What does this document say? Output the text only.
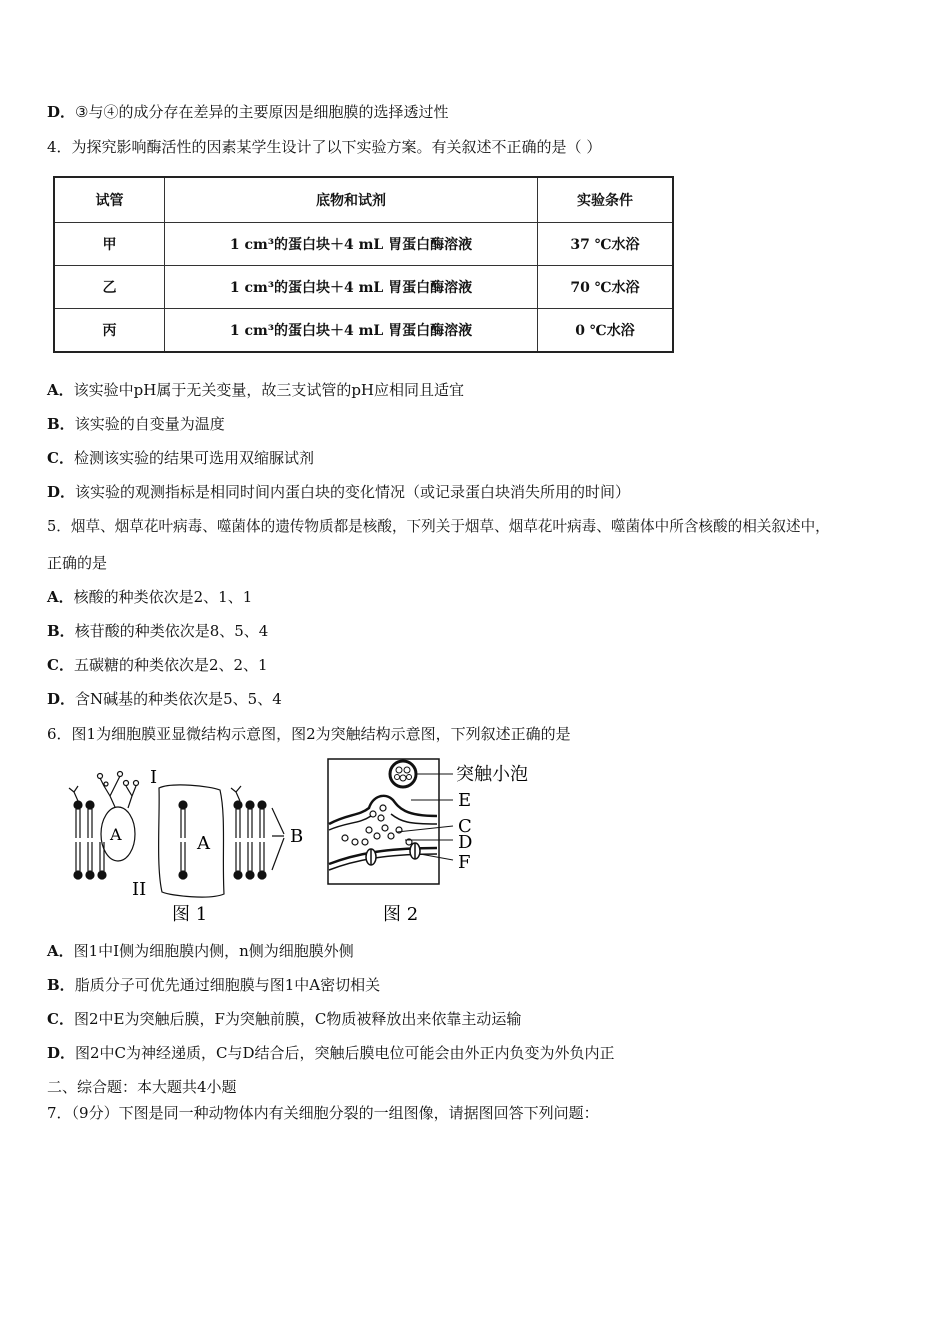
D．③与④的成分存在差异的主要原因是细胞膜的选择透过性
4．为探究影响酶活性的因素某学生设计了以下实验方案。有关叙述不正确的是（ ）
试管	底物和试剂	实验条件
甲	1 cm³的蛋白块＋4 mL 胃蛋白酶溶液	37 ℃水浴
乙	1 cm³的蛋白块＋4 mL 胃蛋白酶溶液	70 ℃水浴
丙	1 cm³的蛋白块＋4 mL 胃蛋白酶溶液	0 ℃水浴
A．该实验中pH属于无关变量，故三支试管的pH应相同且适宜
B．该实验的自变量为温度
C．检测该实验的结果可选用双缩脲试剂
D．该实验的观测指标是相同时间内蛋白块的变化情况（或记录蛋白块消失所用的时间）
5．烟草、烟草花叶病毒、噬菌体的遗传物质都是核酸，下列关于烟草、烟草花叶病毒、噬菌体中所含核酸的相关叙述中，
正确的是
A．核酸的种类依次是2、1、1
B．核苷酸的种类依次是8、5、4
C．五碳糖的种类依次是2、2、1
D．含N碱基的种类依次是5、5、4
6．图1为细胞膜亚显微结构示意图，图2为突触结构示意图，下列叙述正确的是
I
II
A	A	B
图 1
突触小泡
E
C
D
F
图 2
A．图1中I侧为细胞膜内侧，n侧为细胞膜外侧
B．脂质分子可优先通过细胞膜与图1中A密切相关
C．图2中E为突触后膜，F为突触前膜，C物质被释放出来依靠主动运输
D．图2中C为神经递质，C与D结合后，突触后膜电位可能会由外正内负变为外负内正
二、综合题：本大题共4小题
7．（9分）下图是同一种动物体内有关细胞分裂的一组图像，请据图回答下列问题：
